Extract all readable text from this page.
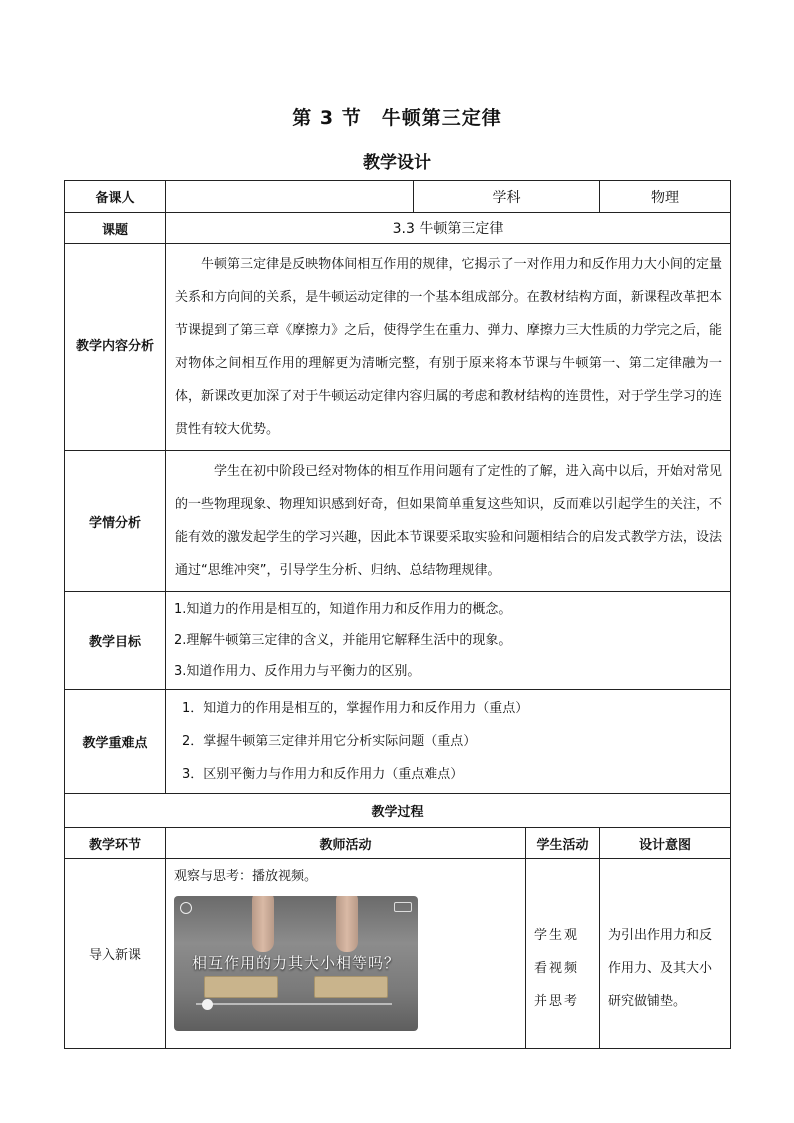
第 3 节　牛顿第三定律
教学设计
备课人		学科		物理
课题	3.3 牛顿第三定律			
教学内容分析	牛顿第三定律是反映物体间相互作用的规律，它揭示了一对作用力和反作用力大小间的定量关系和方向间的关系，是牛顿运动定律的一个基本组成部分。在教材结构方面，新课程改革把本节课提到了第三章《摩擦力》之后，使得学生在重力、弹力、摩擦力三大性质的力学完之后，能对物体之间相互作用的理解更为清晰完整，有别于原来将本节课与牛顿第一、第二定律融为一体，新课改更加深了对于牛顿运动定律内容归属的考虑和教材结构的连贯性，对于学生学习的连贯性有较大优势。			
学情分析	学生在初中阶段已经对物体的相互作用问题有了定性的了解，进入高中以后，开始对常见的一些物理现象、物理知识感到好奇，但如果简单重复这些知识，反而难以引起学生的关注，不能有效的激发起学生的学习兴趣，因此本节课要采取实验和问题相结合的启发式教学方法，设法通过“思维冲突”，引导学生分析、归纳、总结物理规律。			
教学目标	1.知道力的作用是相互的，知道作用力和反作用力的概念。
2.理解牛顿第三定律的含义，并能用它解释生活中的现象。
3.知道作用力、反作用力与平衡力的区别。			

教学重难点	1．知道力的作用是相互的，掌握作用力和反作用力（重点）
2．掌握牛顿第三定律并用它分析实际问题（重点）
3．区别平衡力与作用力和反作用力（重点难点）			

教学过程				
教学环节	教师活动		学生活动	设计意图
导入新课	观察与思考：播放视频。
相互作用的力其大小相等吗？		学生观看视频并思考	为引出作用力和反作用力、及其大小研究做铺垫。
